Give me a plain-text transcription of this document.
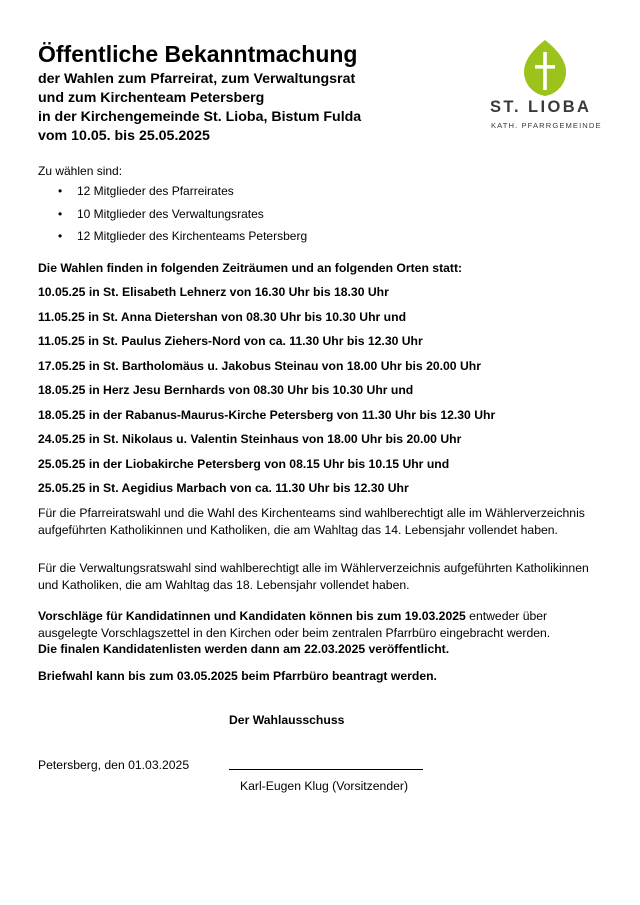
Öffentliche Bekanntmachung
der Wahlen zum Pfarreirat, zum Verwaltungsrat
und zum Kirchenteam Petersberg
in der Kirchengemeinde St. Lioba, Bistum Fulda
vom 10.05. bis 25.05.2025
ST. LIOBA
KATH. PFARRGEMEINDE
Zu wählen sind:
• 12 Mitglieder des Pfarreirates
• 10 Mitglieder des Verwaltungsrates
• 12 Mitglieder des Kirchenteams Petersberg
Die Wahlen finden in folgenden Zeiträumen und an folgenden Orten statt:
10.05.25 in St. Elisabeth Lehnerz von 16.30 Uhr bis 18.30 Uhr
11.05.25 in St. Anna Dietershan von 08.30 Uhr bis 10.30 Uhr und
11.05.25 in St. Paulus Ziehers-Nord von ca. 11.30 Uhr bis 12.30 Uhr
17.05.25 in St. Bartholomäus u. Jakobus Steinau von 18.00 Uhr bis 20.00 Uhr
18.05.25 in Herz Jesu Bernhards von 08.30 Uhr bis 10.30 Uhr und
18.05.25 in der Rabanus-Maurus-Kirche Petersberg von 11.30 Uhr bis 12.30 Uhr
24.05.25 in St. Nikolaus u. Valentin Steinhaus von 18.00 Uhr bis 20.00 Uhr
25.05.25 in der Liobakirche Petersberg von 08.15 Uhr bis 10.15 Uhr und
25.05.25 in St. Aegidius Marbach von ca. 11.30 Uhr bis 12.30 Uhr

Für die Pfarreiratswahl und die Wahl des Kirchenteams sind wahlberechtigt alle im Wählerverzeichnis aufgeführten Katholikinnen und Katholiken, die am Wahltag das 14. Lebensjahr vollendet haben.

Für die Verwaltungsratswahl sind wahlberechtigt alle im Wählerverzeichnis aufgeführten Katholikinnen und Katholiken, die am Wahltag das 18. Lebensjahr vollendet haben.

Vorschläge für Kandidatinnen und Kandidaten können bis zum 19.03.2025 entweder über ausgelegte Vorschlagszettel in den Kirchen oder beim zentralen Pfarrbüro eingebracht werden.
Die finalen Kandidatenlisten werden dann am 22.03.2025 veröffentlicht.

Briefwahl kann bis zum 03.05.2025 beim Pfarrbüro beantragt werden.

Der Wahlausschuss
Petersberg, den 01.03.2025
Karl-Eugen Klug (Vorsitzender)
